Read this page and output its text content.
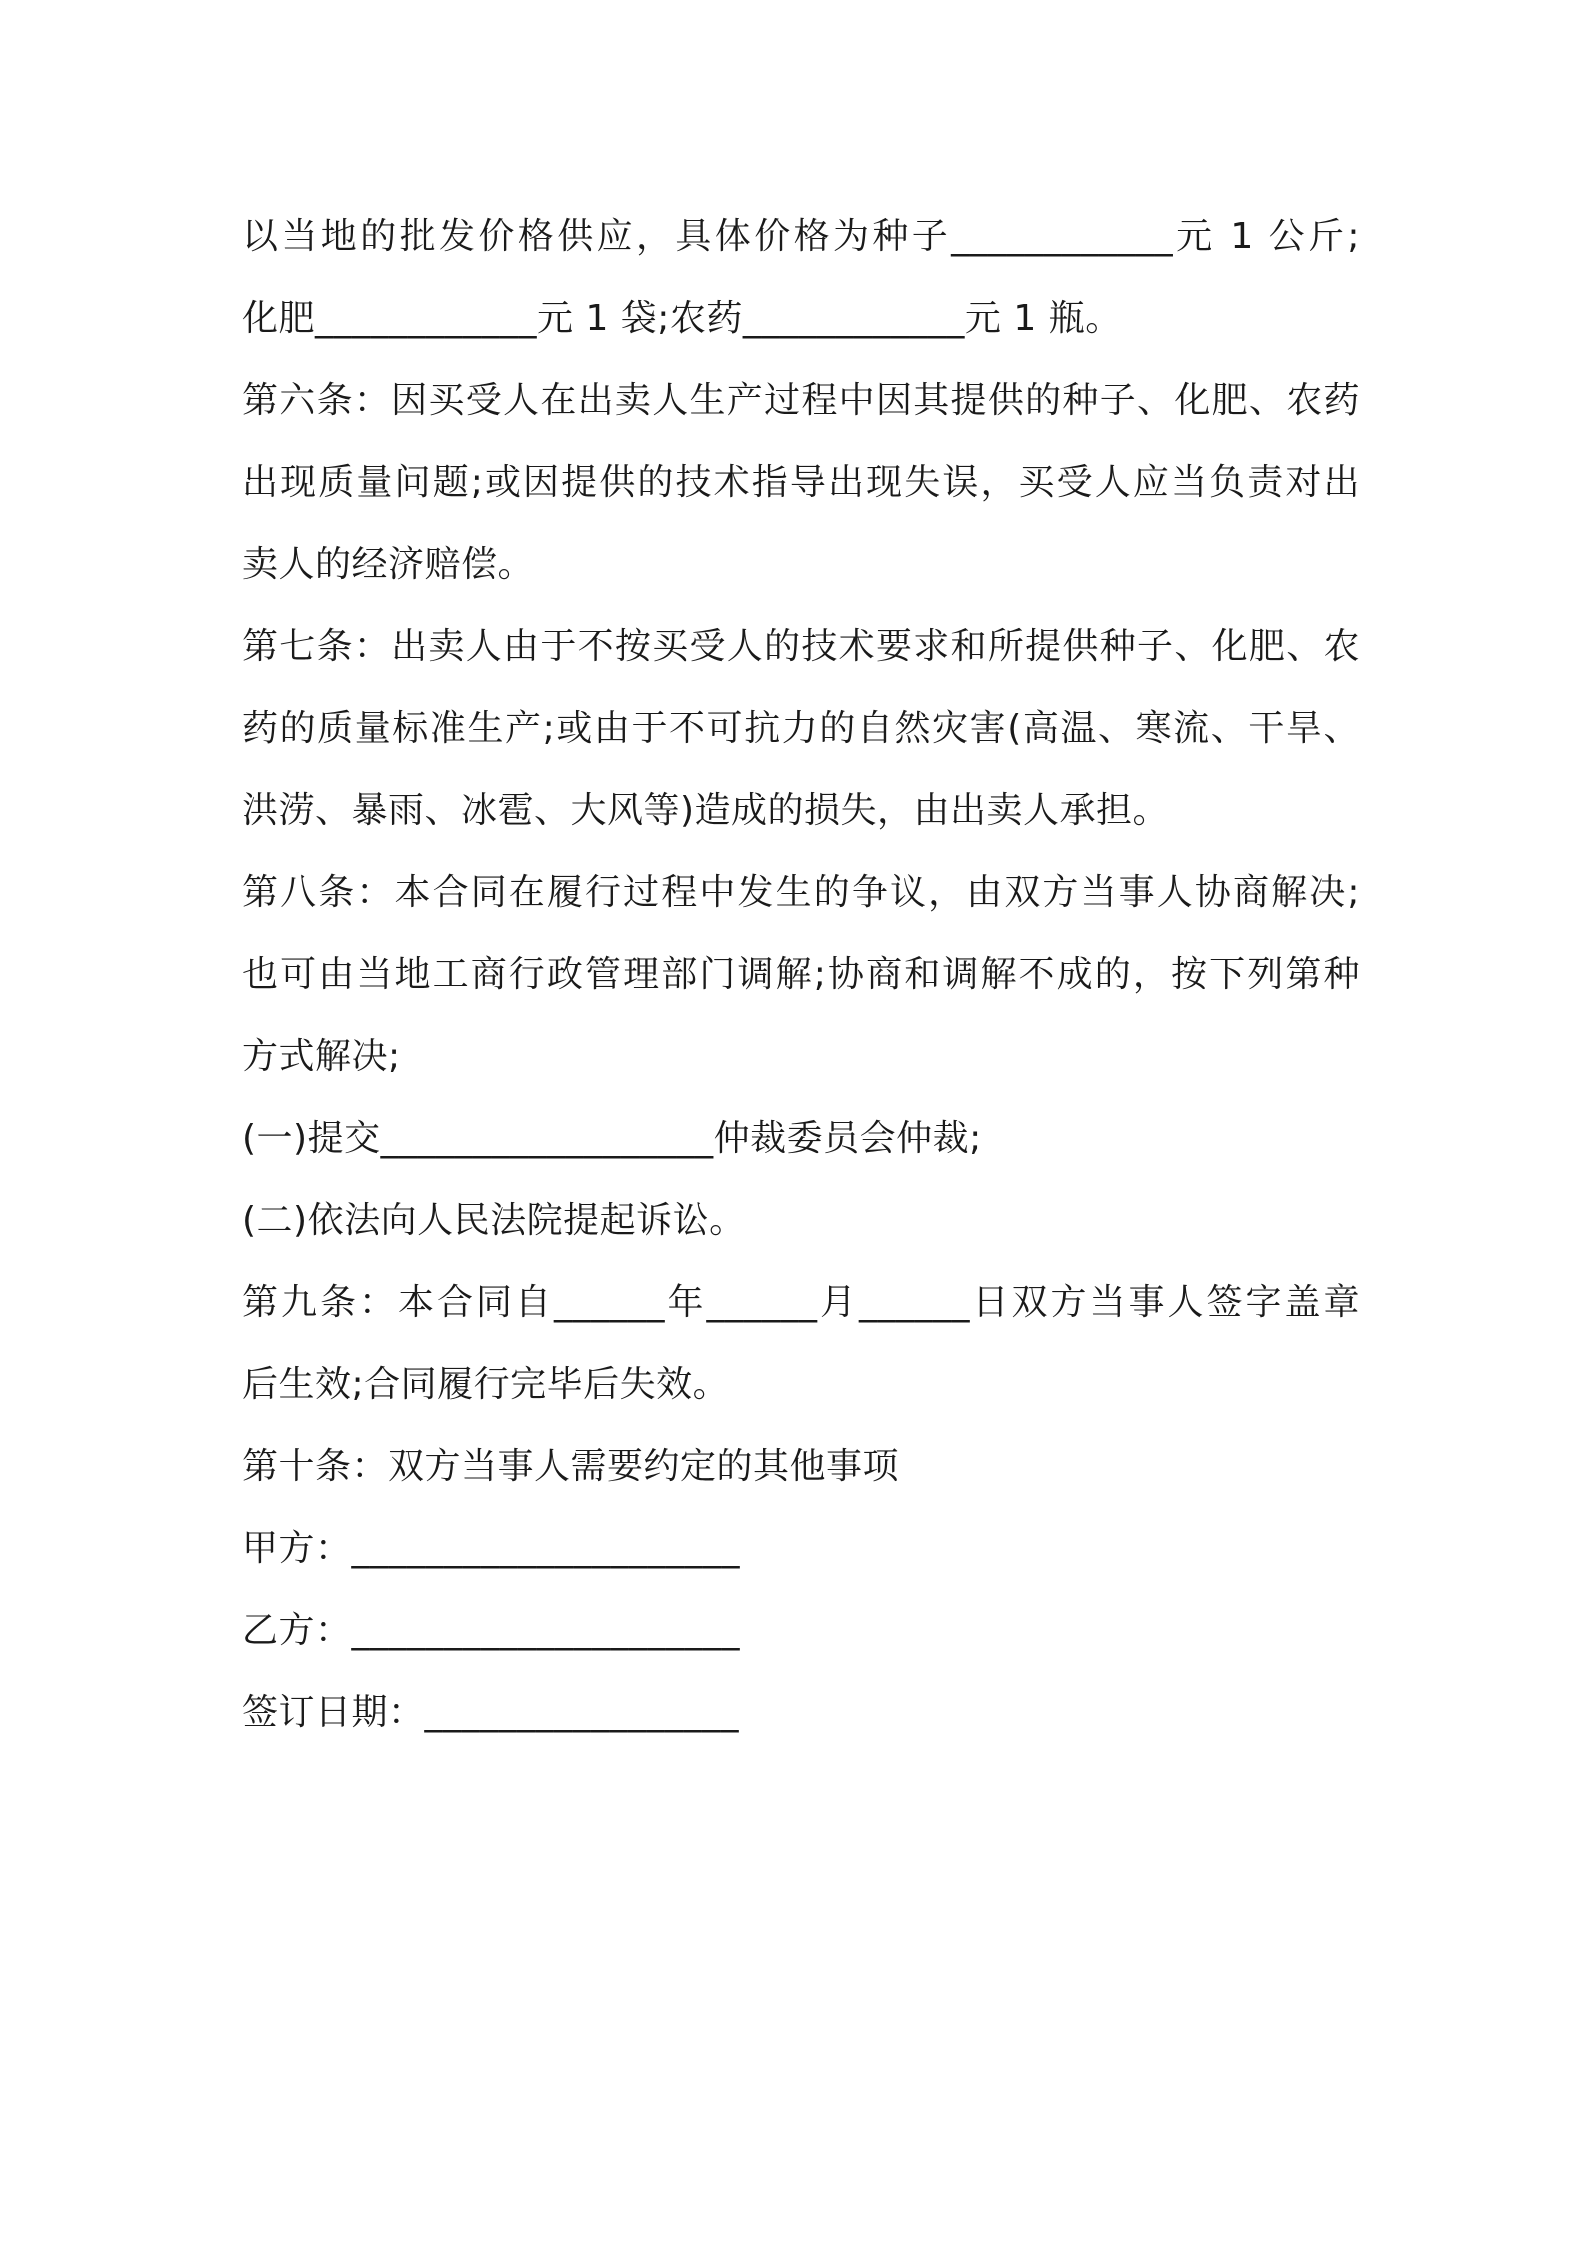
以当地的批发价格供应，具体价格为种子____________元 1 公斤;
化肥____________元 1 袋;农药____________元 1 瓶。
第六条：因买受人在出卖人生产过程中因其提供的种子、化肥、农药
出现质量问题;或因提供的技术指导出现失误，买受人应当负责对出
卖人的经济赔偿。
第七条：出卖人由于不按买受人的技术要求和所提供种子、化肥、农
药的质量标准生产;或由于不可抗力的自然灾害(高温、寒流、干旱、
洪涝、暴雨、冰雹、大风等)造成的损失，由出卖人承担。
第八条：本合同在履行过程中发生的争议，由双方当事人协商解决;
也可由当地工商行政管理部门调解;协商和调解不成的，按下列第种
方式解决;
(一)提交__________________仲裁委员会仲裁;
(二)依法向人民法院提起诉讼。
第九条：本合同自______年______月______日双方当事人签字盖章
后生效;合同履行完毕后失效。
第十条：双方当事人需要约定的其他事项
甲方：_____________________
乙方：_____________________
签订日期：_________________
